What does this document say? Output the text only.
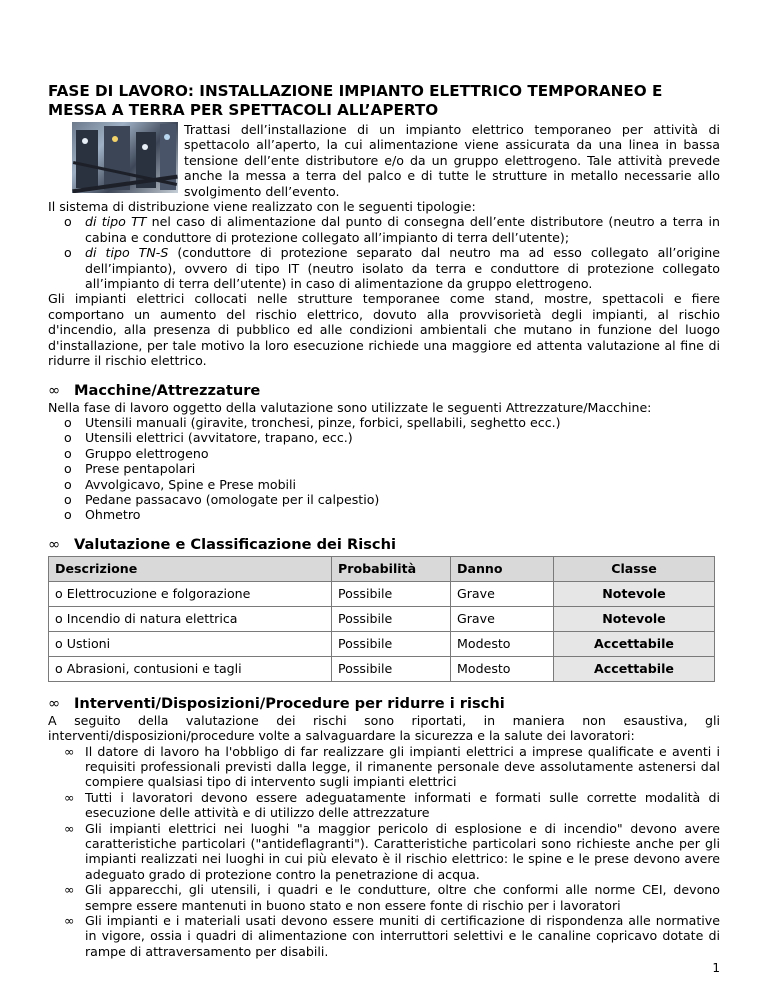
FASE DI LAVORO: INSTALLAZIONE IMPIANTO ELETTRICO TEMPORANEO E MESSA A TERRA PER SPETTACOLI ALL’APERTO

Trattasi dell’installazione di un impianto elettrico temporaneo per attività di spettacolo all’aperto, la cui alimentazione viene assicurata da una linea in bassa tensione dell’ente distributore e/o da un gruppo elettrogeno. Tale attività prevede anche la messa a terra del palco e di tutte le strutture in metallo necessarie allo svolgimento dell’evento.

Il sistema di distribuzione viene realizzato con le seguenti tipologie:

o di tipo TT nel caso di alimentazione dal punto di consegna dell’ente distributore (neutro a terra in cabina e conduttore di protezione collegato all’impianto di terra dell’utente);
o di tipo TN-S (conduttore di protezione separato dal neutro ma ad esso collegato all’origine dell’impianto), ovvero di tipo IT (neutro isolato da terra e conduttore di protezione collegato all’impianto di terra dell’utente) in caso di alimentazione da gruppo elettrogeno.

Gli impianti elettrici collocati nelle strutture temporanee come stand, mostre, spettacoli e fiere comportano un aumento del rischio elettrico, dovuto alla provvisorietà degli impianti, al rischio d'incendio, alla presenza di pubblico ed alle condizioni ambientali che mutano in funzione del luogo d'installazione, per tale motivo la loro esecuzione richiede una maggiore ed attenta valutazione al fine di ridurre il rischio elettrico.

∞ Macchine/Attrezzature

Nella fase di lavoro oggetto della valutazione sono utilizzate le seguenti Attrezzature/Macchine:

o Utensili manuali (giravite, tronchesi, pinze, forbici, spellabili, seghetto ecc.)
o Utensili elettrici (avvitatore, trapano, ecc.)
o Gruppo elettrogeno
o Prese pentapolari
o Avvolgicavo, Spine e Prese mobili
o Pedane passacavo (omologate per il calpestio)
o Ohmetro
∞ Valutazione e Classificazione dei Rischi
Descrizione	Probabilità	Danno	Classe
o Elettrocuzione e folgorazione	Possibile	Grave	Notevole
o Incendio di natura elettrica	Possibile	Grave	Notevole
o Ustioni	Possibile	Modesto	Accettabile
o Abrasioni, contusioni e tagli	Possibile	Modesto	Accettabile
∞ Interventi/Disposizioni/Procedure per ridurre i rischi

A seguito della valutazione dei rischi sono riportati, in maniera non esaustiva, gli interventi/disposizioni/procedure volte a salvaguardare la sicurezza e la salute dei lavoratori:

∞ Il datore di lavoro ha l'obbligo di far realizzare gli impianti elettrici a imprese qualificate e aventi i requisiti professionali previsti dalla legge, il rimanente personale deve assolutamente astenersi dal compiere qualsiasi tipo di intervento sugli impianti elettrici
∞ Tutti i lavoratori devono essere adeguatamente informati e formati sulle corrette modalità di esecuzione delle attività e di utilizzo delle attrezzature
∞ Gli impianti elettrici nei luoghi "a maggior pericolo di esplosione e di incendio" devono avere caratteristiche particolari ("antideflagranti"). Caratteristiche particolari sono richieste anche per gli impianti realizzati nei luoghi in cui più elevato è il rischio elettrico: le spine e le prese devono avere adeguato grado di protezione contro la penetrazione di acqua.
∞ Gli apparecchi, gli utensili, i quadri e le condutture, oltre che conformi alle norme CEI, devono sempre essere mantenuti in buono stato e non essere fonte di rischio per i lavoratori
∞ Gli impianti e i materiali usati devono essere muniti di certificazione di rispondenza alle normative in vigore, ossia i quadri di alimentazione con interruttori selettivi e le canaline copricavo dotate di rampe di attraversamento per disabili.
1
